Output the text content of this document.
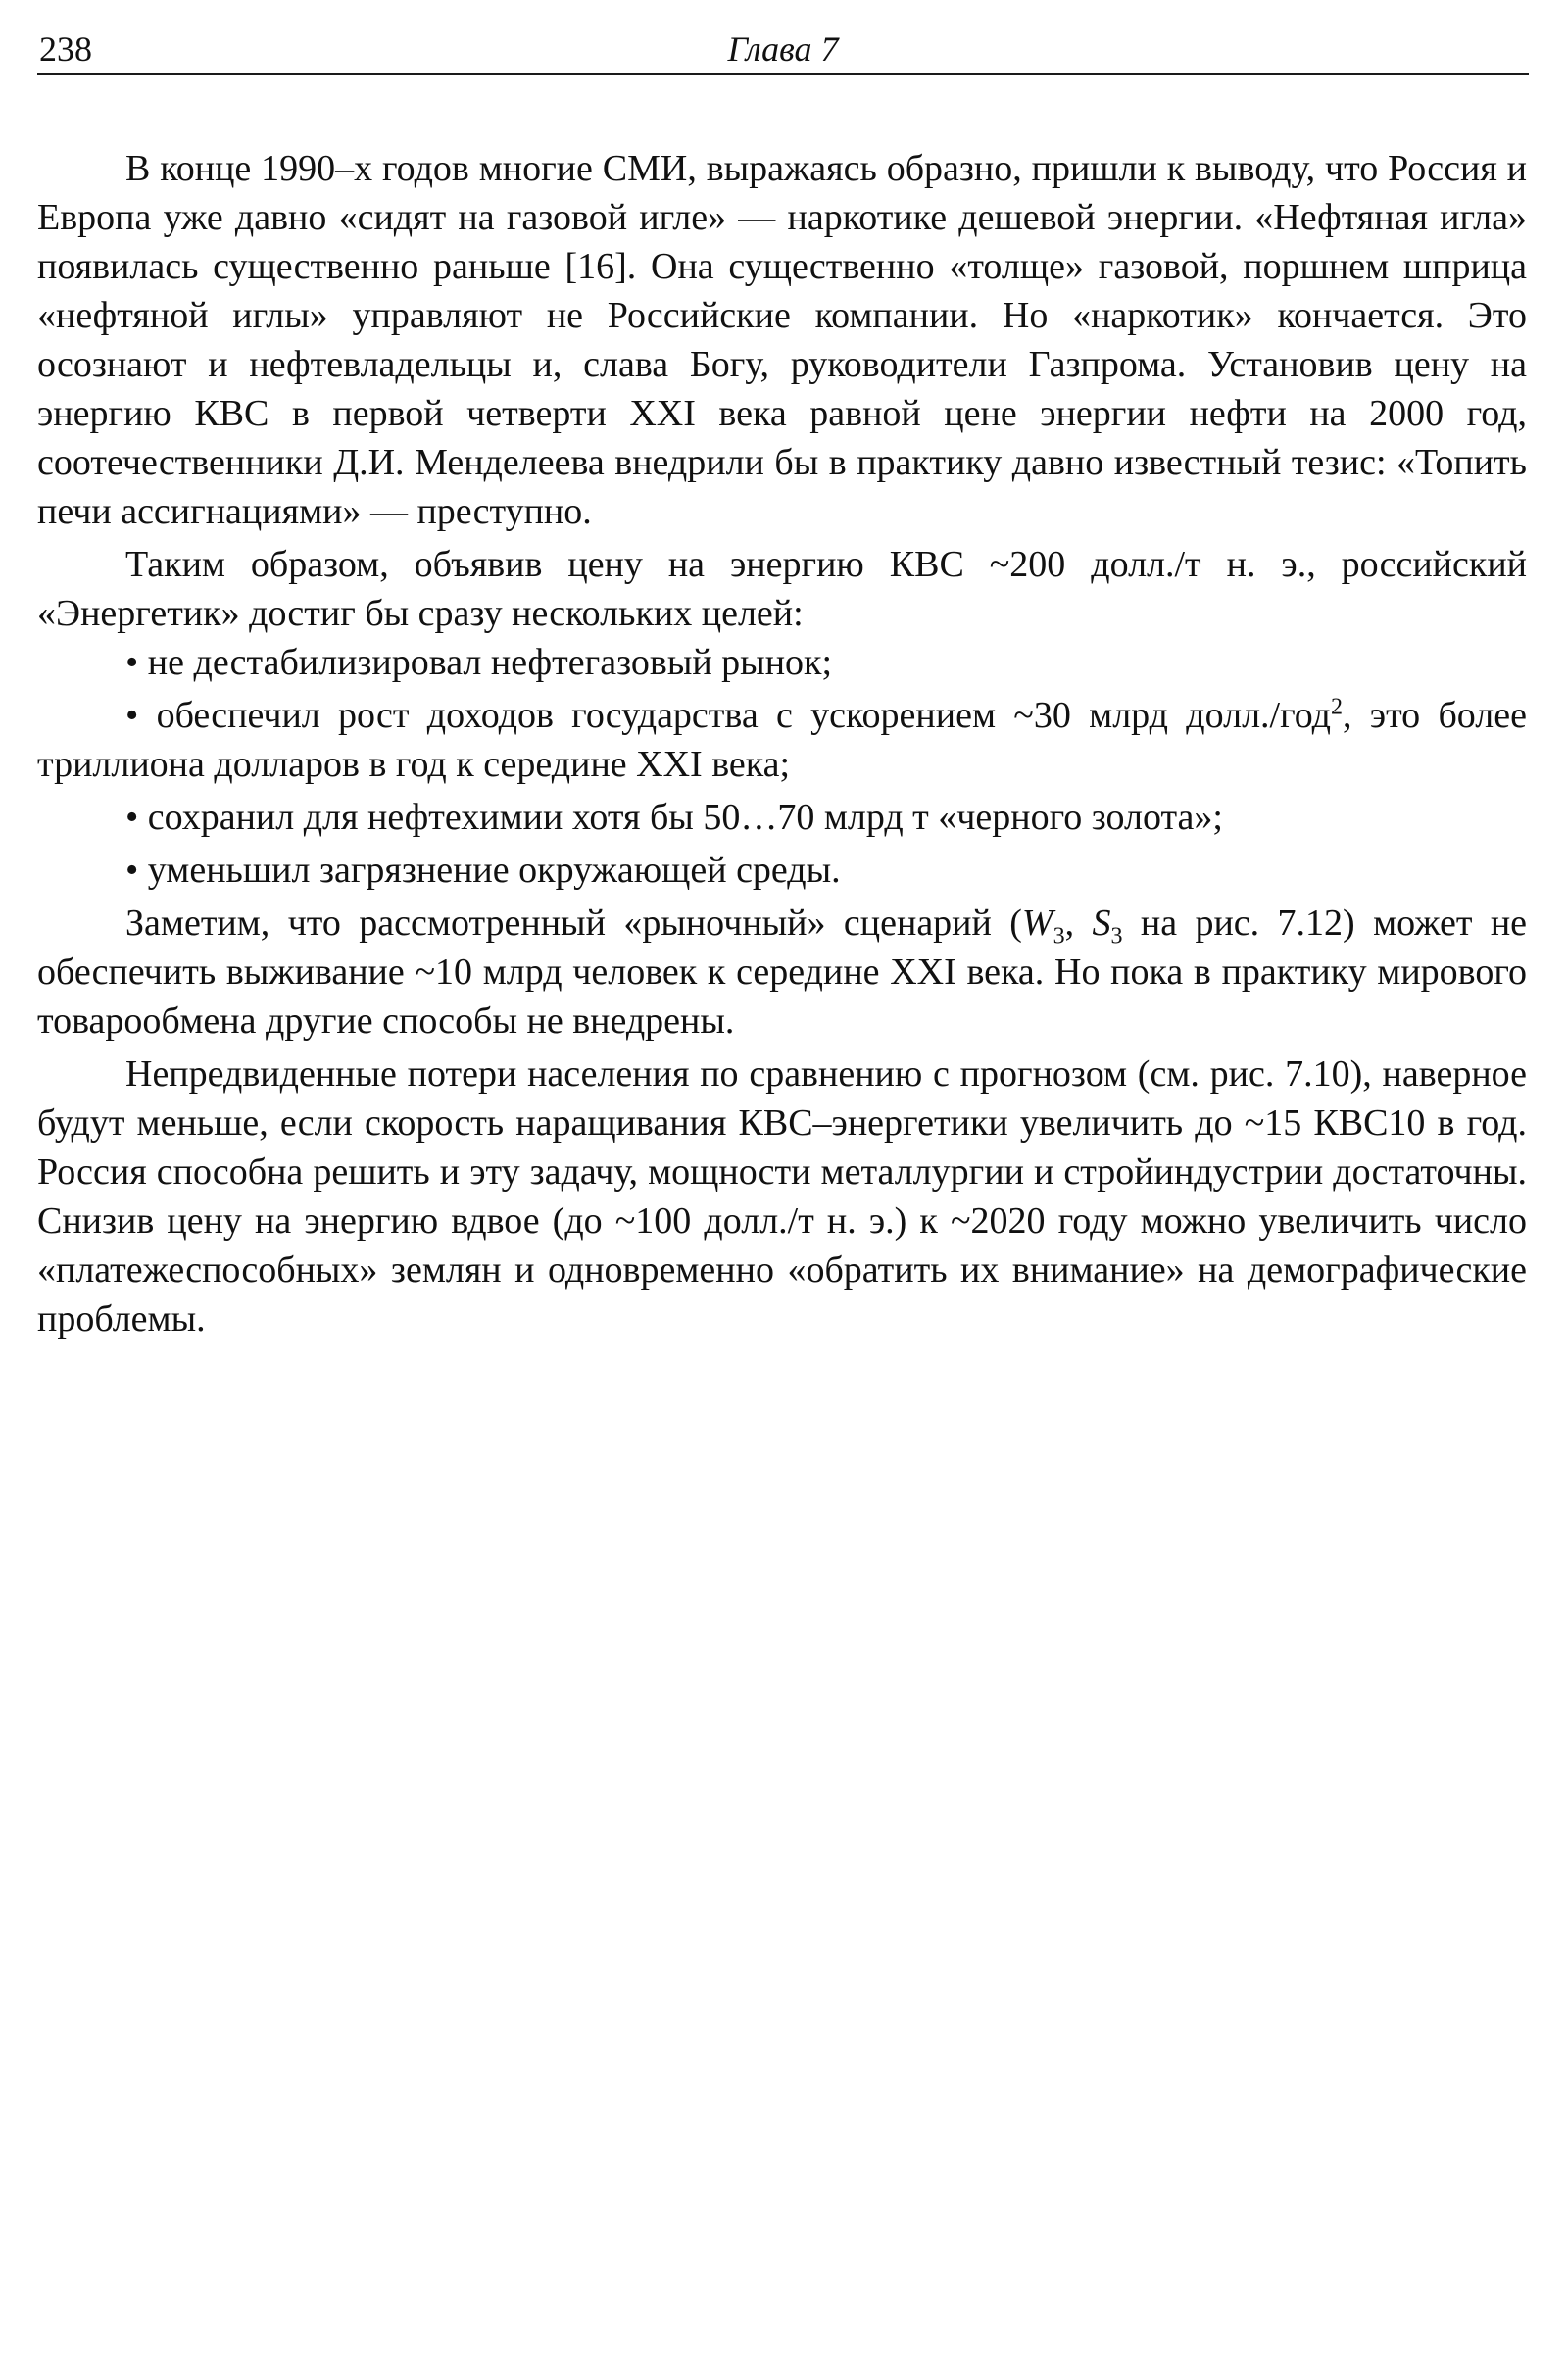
238	Глава 7

В конце 1990–х годов многие СМИ, выражаясь образно, пришли к выводу, что Россия и Европа уже давно «сидят на газовой игле» — наркотике дешевой энергии. «Нефтяная игла» появилась существенно раньше [16]. Она существенно «толще» газовой, поршнем шприца «нефтяной иглы» управляют не Российские компании. Но «наркотик» кончается. Это осознают и нефтевладельцы и, слава Богу, руководители Газпрома. Установив цену на энергию КВС в первой четверти XXI века равной цене энергии нефти на 2000 год, соотечественники Д.И. Менделеева внедрили бы в практику давно известный тезис: «Топить печи ассигнациями» — преступно.

Таким образом, объявив цену на энергию КВС ~200 долл./т н. э., российский «Энергетик» достиг бы сразу нескольких целей:

• не дестабилизировал нефтегазовый рынок;

• обеспечил рост доходов государства с ускорением ~30 млрд долл./год$^2$, это более триллиона долларов в год к середине XXI века;

• сохранил для нефтехимии хотя бы 50…70 млрд т «черного золота»;

• уменьшил загрязнение окружающей среды.

Заметим, что рассмотренный «рыночный» сценарий ($W_3$, $S_3$ на рис. 7.12) может не обеспечить выживание ~10 млрд человек к середине XXI века. Но пока в практику мирового товарообмена другие способы не внедрены.

Непредвиденные потери населения по сравнению с прогнозом (см. рис. 7.10), наверное будут меньше, если скорость наращивания КВС–энергетики увеличить до ~15 КВС10 в год. Россия способна решить и эту задачу, мощности металлургии и стройиндустрии достаточны. Снизив цену на энергию вдвое (до ~100 долл./т н. э.) к ~2020 году можно увеличить число «платежеспособных» землян и одновременно «обратить их внимание» на демографические проблемы.
